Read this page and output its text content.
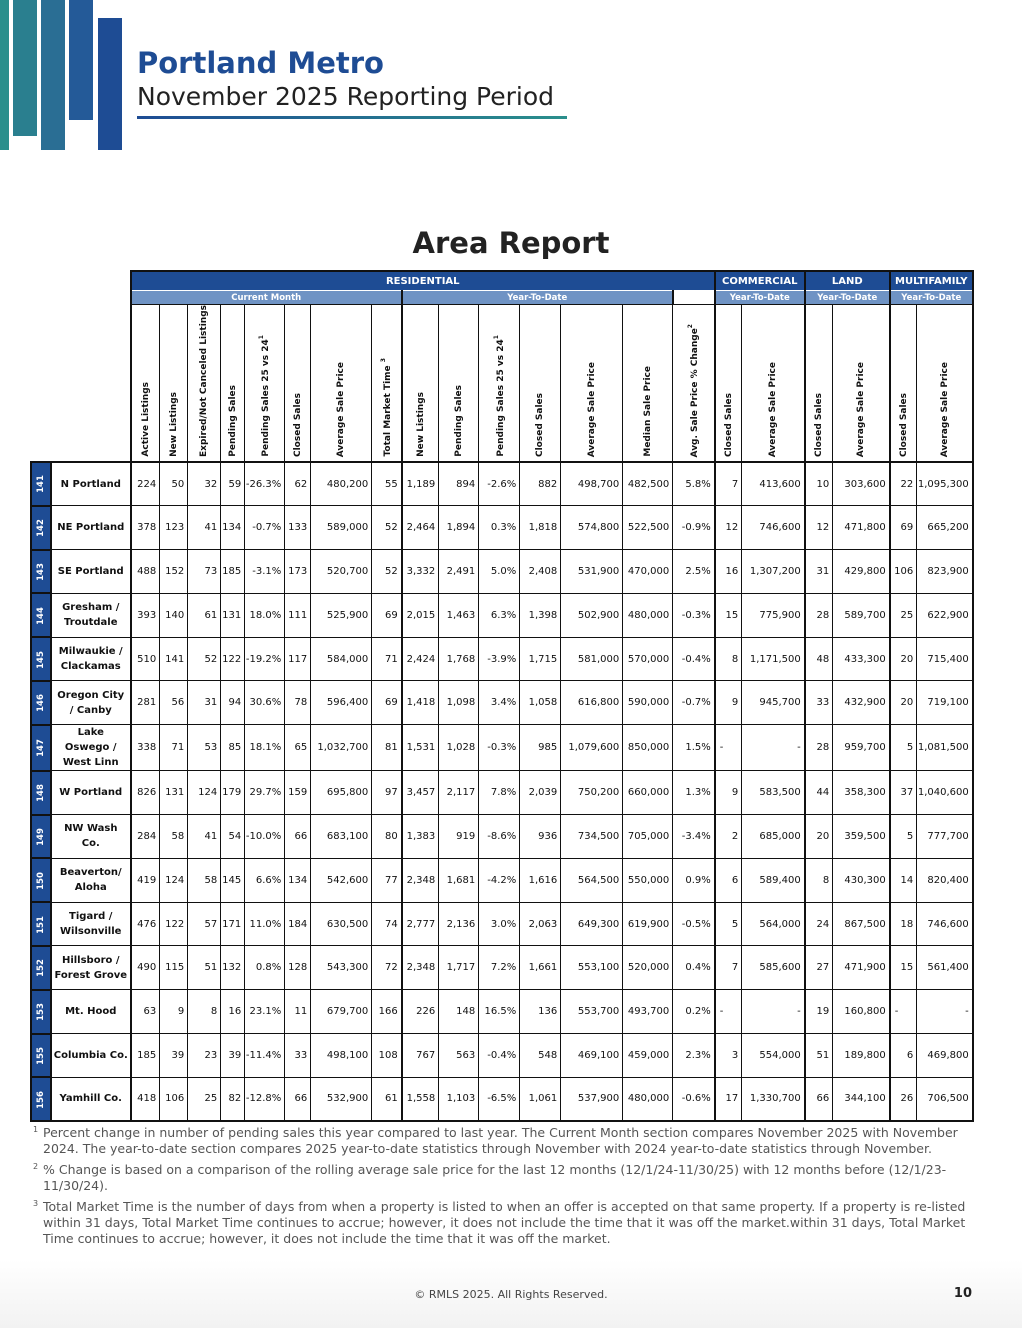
Portland Metro
November 2025 Reporting Period
Area Report
		RESIDENTIAL															COMMERCIAL		LAND		MULTIFAMILY	
		Current Month								Year-To-Date							Year-To-Date		Year-To-Date		Year-To-Date	

		Active Listings	New Listings	Expired/Not Canceled Listings	Pending Sales	Pending Sales 25 vs $24^1$	Closed Sales	Average Sale Price	Total Market Time $^3$	New Listings	Pending Sales	Pending Sales 25 vs $24^1$	Closed Sales	Average Sale Price	Median Sale Price	Avg. Sale Price % Change$^2$	Closed Sales	Average Sale Price	Closed Sales	Average Sale Price	Closed Sales	Average Sale Price

141	N Portland	224	50	32	59	-26.3%	62	480,200	55	1,189	894	-2.6%	882	498,700	482,500	5.8%	7	413,600	10	303,600	22	1,095,300
142	NE Portland	378	123	41	134	-0.7%	133	589,000	52	2,464	1,894	0.3%	1,818	574,800	522,500	-0.9%	12	746,600	12	471,800	69	665,200
143	SE Portland	488	152	73	185	-3.1%	173	520,700	52	3,332	2,491	5.0%	2,408	531,900	470,000	2.5%	16	1,307,200	31	429,800	106	823,900
144	Gresham / Troutdale	393	140	61	131	18.0%	111	525,900	69	2,015	1,463	6.3%	1,398	502,900	480,000	-0.3%	15	775,900	28	589,700	25	622,900
145	Milwaukie / Clackamas	510	141	52	122	-19.2%	117	584,000	71	2,424	1,768	-3.9%	1,715	581,000	570,000	-0.4%	8	1,171,500	48	433,300	20	715,400
146	Oregon City / Canby	281	56	31	94	30.6%	78	596,400	69	1,418	1,098	3.4%	1,058	616,800	590,000	-0.7%	9	945,700	33	432,900	20	719,100
147	Lake Oswego / West Linn	338	71	53	85	18.1%	65	1,032,700	81	1,531	1,028	-0.3%	985	1,079,600	850,000	1.5%	-	-	28	959,700	5	1,081,500
148	W Portland	826	131	124	179	29.7%	159	695,800	97	3,457	2,117	7.8%	2,039	750,200	660,000	1.3%	9	583,500	44	358,300	37	1,040,600
149	NW Wash Co.	284	58	41	54	-10.0%	66	683,100	80	1,383	919	-8.6%	936	734,500	705,000	-3.4%	2	685,000	20	359,500	5	777,700
150	Beaverton/ Aloha	419	124	58	145	6.6%	134	542,600	77	2,348	1,681	-4.2%	1,616	564,500	550,000	0.9%	6	589,400	8	430,300	14	820,400
151	Tigard / Wilsonville	476	122	57	171	11.0%	184	630,500	74	2,777	2,136	3.0%	2,063	649,300	619,900	-0.5%	5	564,000	24	867,500	18	746,600
152	Hillsboro / Forest Grove	490	115	51	132	0.8%	128	543,300	72	2,348	1,717	7.2%	1,661	553,100	520,000	0.4%	7	585,600	27	471,900	15	561,400
153	Mt. Hood	63	9	8	16	23.1%	11	679,700	166	226	148	16.5%	136	553,700	493,700	0.2%	-	-	19	160,800	-	-
155	Columbia Co.	185	39	23	39	-11.4%	33	498,100	108	767	563	-0.4%	548	469,100	459,000	2.3%	3	554,000	51	189,800	6	469,800
156	Yamhill Co.	418	106	25	82	-12.8%	66	532,900	61	1,558	1,103	-6.5%	1,061	537,900	480,000	-0.6%	17	1,330,700	66	344,100	26	706,500
1 Percent change in number of pending sales this year compared to last year. The Current Month section compares November 2025 with November 2024. The year-to-date section compares 2025 year-to-date statistics through November with 2024 year-to-date statistics through November.
2 % Change is based on a comparison of the rolling average sale price for the last 12 months (12/1/24-11/30/25) with 12 months before (12/1/23-11/30/24).
3 Total Market Time is the number of days from when a property is listed to when an offer is accepted on that same property. If a property is re-listed within 31 days, Total Market Time continues to accrue; however, it does not include the time that it was off the market.within 31 days, Total Market Time continues to accrue; however, it does not include the time that it was off the market.
© RMLS 2025. All Rights Reserved.	10
